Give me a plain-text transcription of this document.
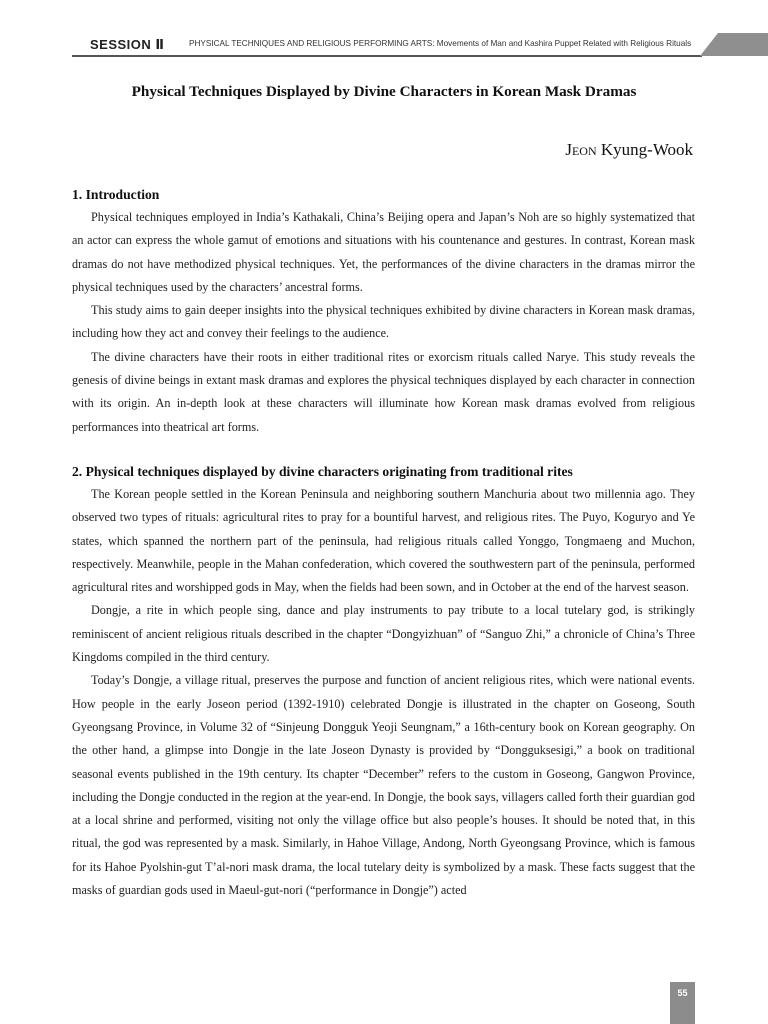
SESSION Ⅱ	PHYSICAL TECHNIQUES AND RELIGIOUS PERFORMING ARTS: Movements of Man and Kashira Puppet Related with Religious Rituals
Physical Techniques Displayed by Divine Characters in Korean Mask Dramas
Jeon Kyung-Wook
1. Introduction

Physical techniques employed in India’s Kathakali, China’s Beijing opera and Japan’s Noh are so highly systematized that an actor can express the whole gamut of emotions and situations with his countenance and gestures. In contrast, Korean mask dramas do not have methodized physical techniques. Yet, the performances of the divine characters in the dramas mirror the physical techniques used by the characters’ ancestral forms.

This study aims to gain deeper insights into the physical techniques exhibited by divine characters in Korean mask dramas, including how they act and convey their feelings to the audience.

The divine characters have their roots in either traditional rites or exorcism rituals called Narye. This study reveals the genesis of divine beings in extant mask dramas and explores the physical techniques displayed by each character in connection with its origin. An in-depth look at these characters will illuminate how Korean mask dramas evolved from religious performances into theatrical art forms.

2. Physical techniques displayed by divine characters originating from traditional rites

The Korean people settled in the Korean Peninsula and neighboring southern Manchuria about two millennia ago. They observed two types of rituals: agricultural rites to pray for a bountiful harvest, and religious rites. The Puyo, Koguryo and Ye states, which spanned the northern part of the peninsula, had religious rituals called Yonggo, Tongmaeng and Muchon, respectively. Meanwhile, people in the Mahan confederation, which covered the southwestern part of the peninsula, performed agricultural rites and worshipped gods in May, when the fields had been sown, and in October at the end of the harvest season.

Dongje, a rite in which people sing, dance and play instruments to pay tribute to a local tutelary god, is strikingly reminiscent of ancient religious rituals described in the chapter “Dongyizhuan” of “Sanguo Zhi,” a chronicle of China’s Three Kingdoms compiled in the third century.

Today’s Dongje, a village ritual, preserves the purpose and function of ancient religious rites, which were national events. How people in the early Joseon period (1392-1910) celebrated Dongje is illustrated in the chapter on Goseong, South Gyeongsang Province, in Volume 32 of “Sinjeung Dongguk Yeoji Seungnam,” a 16th-century book on Korean geography. On the other hand, a glimpse into Dongje in the late Joseon Dynasty is provided by “Dongguksesigi,” a book on traditional seasonal events published in the 19th century. Its chapter “December” refers to the custom in Goseong, Gangwon Province, including the Dongje conducted in the region at the year-end. In Dongje, the book says, villagers called forth their guardian god at a local shrine and performed, visiting not only the village office but also people’s houses. It should be noted that, in this ritual, the god was represented by a mask. Similarly, in Hahoe Village, Andong, North Gyeongsang Province, which is famous for its Hahoe Pyolshin-gut T’al-nori mask drama, the local tutelary deity is symbolized by a mask. These facts suggest that the masks of guardian gods used in Maeul-gut-nori (“performance in Dongje”) acted

55
